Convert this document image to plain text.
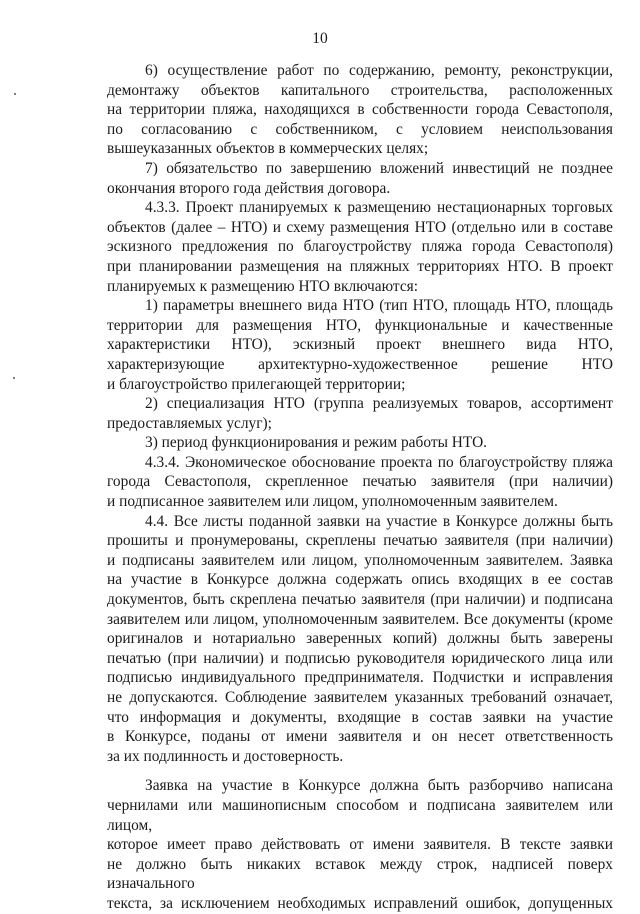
10

6) осуществление работ по содержанию, ремонту, реконструкции,
демонтажу объектов капитального строительства, расположенных
на территории пляжа, находящихся в собственности города Севастополя,
по согласованию с собственником, с условием неиспользования
вышеуказанных объектов в коммерческих целях;

7) обязательство по завершению вложений инвестиций не позднее
окончания второго года действия договора.

4.3.3. Проект планируемых к размещению нестационарных торговых
объектов (далее – НТО) и схему размещения НТО (отдельно или в составе
эскизного предложения по благоустройству пляжа города Севастополя)
при планировании размещения на пляжных территориях НТО. В проект
планируемых к размещению НТО включаются:

1) параметры внешнего вида НТО (тип НТО, площадь НТО, площадь
территории для размещения НТО, функциональные и качественные
характеристики НТО), эскизный проект внешнего вида НТО,
характеризующие архитектурно-художественное решение НТО
и благоустройство прилегающей территории;

2) специализация НТО (группа реализуемых товаров, ассортимент
предоставляемых услуг);

3) период функционирования и режим работы НТО.

4.3.4. Экономическое обоснование проекта по благоустройству пляжа
города Севастополя, скрепленное печатью заявителя (при наличии)
и подписанное заявителем или лицом, уполномоченным заявителем.

4.4. Все листы поданной заявки на участие в Конкурсе должны быть
прошиты и пронумерованы, скреплены печатью заявителя (при наличии)
и подписаны заявителем или лицом, уполномоченным заявителем. Заявка
на участие в Конкурсе должна содержать опись входящих в ее состав
документов, быть скреплена печатью заявителя (при наличии) и подписана
заявителем или лицом, уполномоченным заявителем. Все документы (кроме
оригиналов и нотариально заверенных копий) должны быть заверены
печатью (при наличии) и подписью руководителя юридического лица или
подписью индивидуального предпринимателя. Подчистки и исправления
не допускаются. Соблюдение заявителем указанных требований означает,
что информация и документы, входящие в состав заявки на участие
в Конкурсе, поданы от имени заявителя и он несет ответственность
за их подлинность и достоверность.

Заявка на участие в Конкурсе должна быть разборчиво написана
чернилами или машинописным способом и подписана заявителем или лицом,
которое имеет право действовать от имени заявителя. В тексте заявки
не должно быть никаких вставок между строк, надписей поверх изначального
текста, за исключением необходимых исправлений ошибок, допущенных
